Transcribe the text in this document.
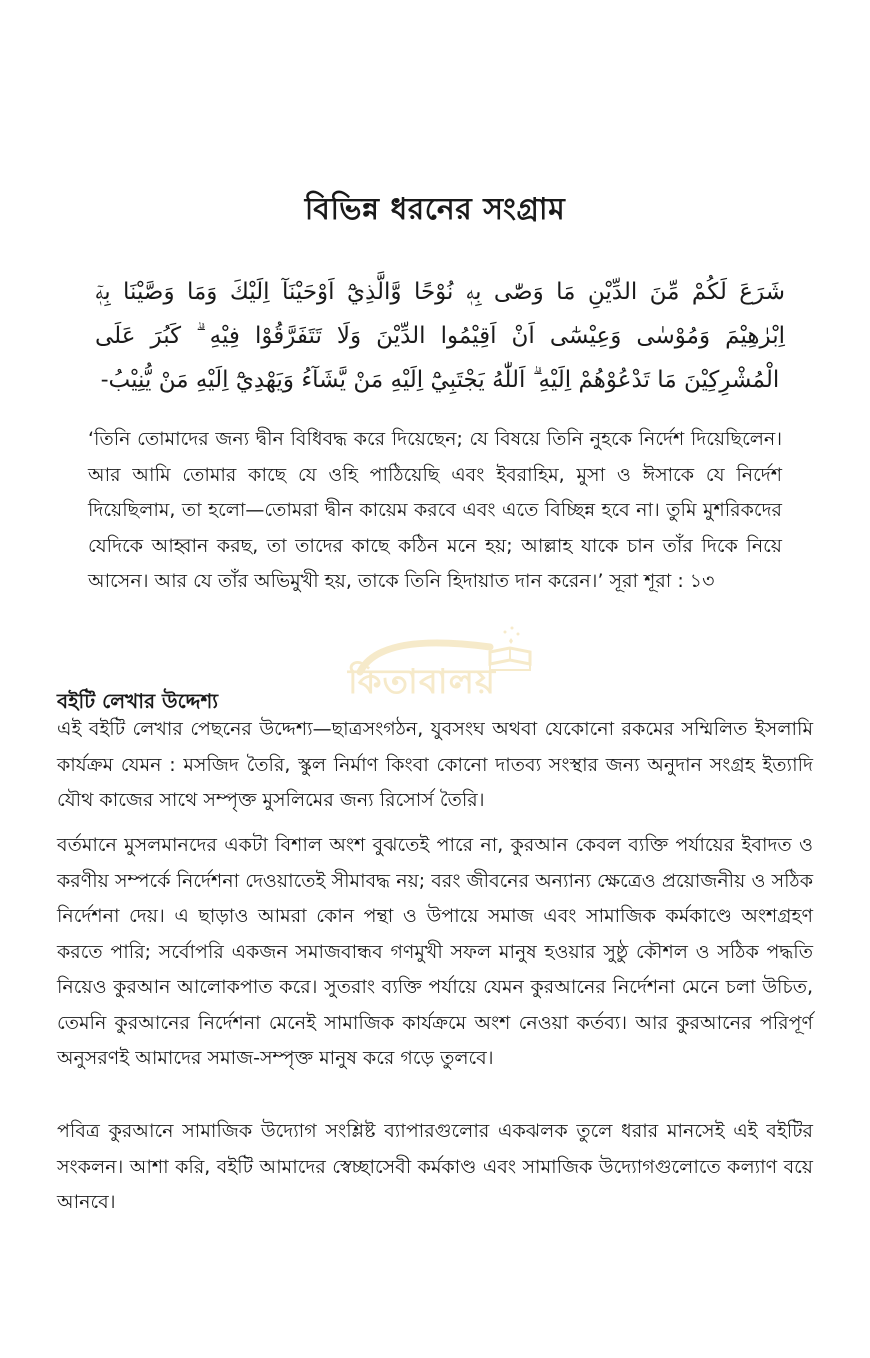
বিভিন্ন ধরনের সংগ্রাম
شَرَعَ لَكُمْ مِّنَ الدِّيْنِ مَا وَصّٰى بِهٖ نُوْحًا وَّالَّذِيْٓ اَوْحَيْنَآ اِلَيْكَ وَمَا وَصَّيْنَا بِهٖٓ اِبْرٰهِيْمَ وَمُوْسٰى وَعِيْسٰٓى اَنْ اَقِيْمُوا الدِّيْنَ وَلَا تَتَفَرَّقُوْا فِيْهِ ۗ كَبُرَ عَلَى الْمُشْرِكِيْنَ مَا تَدْعُوْهُمْ اِلَيْهِ ۗ اَللّٰهُ يَجْتَبِيْٓ اِلَيْهِ مَنْ يَّشَآءُ وَيَهْدِيْٓ اِلَيْهِ مَنْ يُّنِيْبُ-
‘তিনি তোমাদের জন্য দ্বীন বিধিবদ্ধ করে দিয়েছেন; যে বিষয়ে তিনি নুহকে নির্দেশ দিয়েছিলেন। আর আমি তোমার কাছে যে ওহি পাঠিয়েছি এবং ইবরাহিম, মুসা ও ঈসাকে যে নির্দেশ দিয়েছিলাম, তা হলো—তোমরা দ্বীন কায়েম করবে এবং এতে বিচ্ছিন্ন হবে না। তুমি মুশরিকদের যেদিকে আহ্বান করছ, তা তাদের কাছে কঠিন মনে হয়; আল্লাহ যাকে চান তাঁর দিকে নিয়ে আসেন। আর যে তাঁর অভিমুখী হয়, তাকে তিনি হিদায়াত দান করেন।’ সূরা শূরা : ১৩
কিতাবালয়
বইটি লেখার উদ্দেশ্য

এই বইটি লেখার পেছনের উদ্দেশ্য—ছাত্রসংগঠন, যুবসংঘ অথবা যেকোনো রকমের সম্মিলিত ইসলামি কার্যক্রম যেমন : মসজিদ তৈরি, স্কুল নির্মাণ কিংবা কোনো দাতব্য সংস্থার জন্য অনুদান সংগ্রহ ইত্যাদি যৌথ কাজের সাথে সম্পৃক্ত মুসলিমের জন্য রিসোর্স তৈরি।

বর্তমানে মুসলমানদের একটা বিশাল অংশ বুঝতেই পারে না, কুরআন কেবল ব্যক্তি পর্যায়ের ইবাদত ও করণীয় সম্পর্কে নির্দেশনা দেওয়াতেই সীমাবদ্ধ নয়; বরং জীবনের অন্যান্য ক্ষেত্রেও প্রয়োজনীয় ও সঠিক নির্দেশনা দেয়। এ ছাড়াও আমরা কোন পন্থা ও উপায়ে সমাজ এবং সামাজিক কর্মকাণ্ডে অংশগ্রহণ করতে পারি; সর্বোপরি একজন সমাজবান্ধব গণমুখী সফল মানুষ হওয়ার সুষ্ঠু কৌশল ও সঠিক পদ্ধতি নিয়েও কুরআন আলোকপাত করে। সুতরাং ব্যক্তি পর্যায়ে যেমন কুরআনের নির্দেশনা মেনে চলা উচিত, তেমনি কুরআনের নির্দেশনা মেনেই সামাজিক কার্যক্রমে অংশ নেওয়া কর্তব্য। আর কুরআনের পরিপূর্ণ অনুসরণই আমাদের সমাজ-সম্পৃক্ত মানুষ করে গড়ে তুলবে।

পবিত্র কুরআনে সামাজিক উদ্যোগ সংশ্লিষ্ট ব্যাপারগুলোর একঝলক তুলে ধরার মানসেই এই বইটির সংকলন। আশা করি, বইটি আমাদের স্বেচ্ছাসেবী কর্মকাণ্ড এবং সামাজিক উদ্যোগগুলোতে কল্যাণ বয়ে আনবে।
